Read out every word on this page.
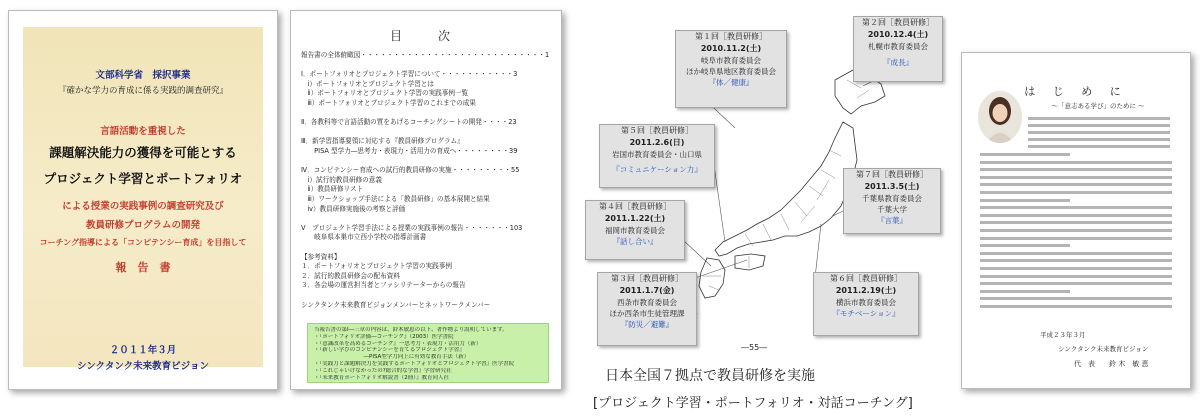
文部科学省　採択事業
『確かな学力の育成に係る実践的調査研究』
言語活動を重視した
課題解決能力の獲得を可能とする
プロジェクト学習とポートフォリオ
による授業の実践事例の調査研究及び
教員研修プログラムの開発
コーチング指導による「コンピテンシー育成」を目指して
報　告　書
２０１１年３月
シンクタンク未来教育ビジョン
目　次
報告書の全体俯瞰図・・・・・・・・・・・・・・・・・・・・・・・・・・・・1
Ⅰ．ポートフォリオとプロジェクト学習について・・・・・・・・・・・3
　ⅰ）ポートフォリオとプロジェクト学習とは
　ⅱ）ポートフォリオとプロジェクト学習の実践事例一覧
　ⅲ）ポートフォリオとプロジェクト学習のこれまでの成果
Ⅱ．各教科等で言語活動の質をあげるコーチングシートの開発・・・・23
Ⅲ．新学習指導要領に対応する『教員研修プログラム』
　　PISA 型学力―思考力・表現力・活用力の育成へ・・・・・・・・39
Ⅳ．コンピテンシー育成への試行的教員研修の実施・・・・・・・・・55
　ⅰ）試行的教員研修の意義
　ⅱ）教員研修リスト
　ⅲ）ワークショップ手法による「教員研修」の基本展開と結果
　ⅳ）教員研修実施後の考察と評価
Ⅴ　プロジェクト学習手法による授業の実践事例の報告・・・・・・・103
　　岐阜県本巣市立西小学校の指導計画書
【参考資料】
１．ポートフォリオとプロジェクト学習の実践事例
２．試行的教員研修会の配布資料
３．各会場の運営担当者とファシリテーターからの報告
シンクタンク未来教育ビジョンメンバーとネットワークメンバー
当報告書の第Ⅰ―三章の内容は、鈴木敏恵の以下、著作物より説明しています。
・『ポートフォリオ評価―コーチング』（2003）医学書院
・『意識改革を高めるコーチング』一思考力・表現力・活用力（新）
・『新しい学びのコンピテンシーを育てるプロジェクト学習』
　　　　　　　　　―PISA型学力向上に有効な教育手法（新）
・『実践力と課題解決力を実践するポートフォリオとプロジェクト学習』医学書院
・『これじゃいけなかったの?総合的な学習』学習研究社
・『未来教育ポートフォリオ解説書（2冊）』教育同人社
第１回［教員研修］
2010.11.2(土)
岐阜市教育委員会
ほか岐阜県地区教育委員会
『体／健康』
第２回［教員研修］
2010.12.4(土)
札幌市教育委員会
『成長』
第５回［教員研修］
2011.2.6(日)
岩国市教育委員会・山口県
『コミュニケーション力』
第７回［教員研修］
2011.3.5(土)
千葉県教育委員会
千葉大学
『言葉』
第４回［教員研修］
2011.1.22(土)
福岡市教育委員会
『話し合い』
第３回［教員研修］
2011.1.7(金)
西条市教育委員会
ほか西条市生徒管理課
『防災／避難』
第６回［教員研修］
2011.2.19(土)
横浜市教育委員会
『モチベーション』
―55―
日本全国７拠点で教員研修を実施
[プロジェクト学習・ポートフォリオ・対話コーチング]
は じ め に
～「意志ある学び」のために ～
平成２３年３月
シンクタンク未来教育ビジョン
代　表　　鈴 木　敏 恵
